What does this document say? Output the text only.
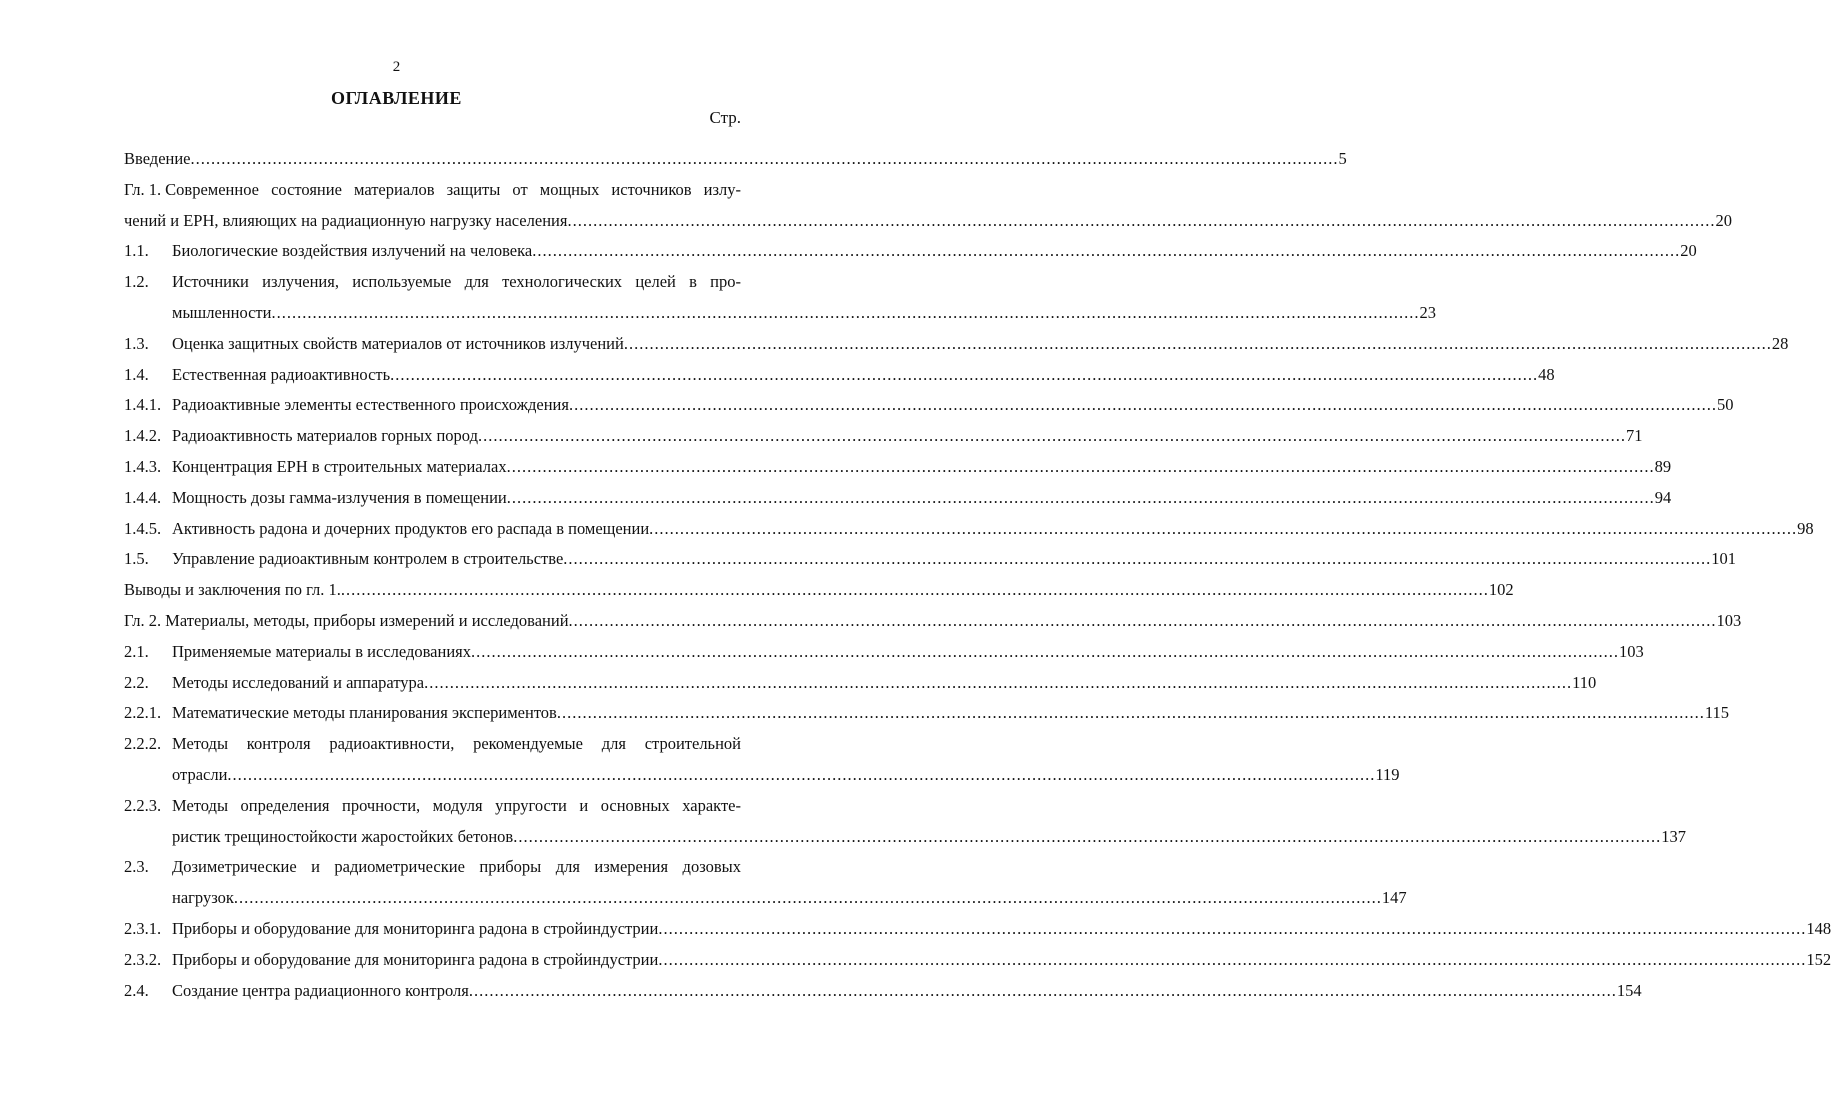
2
ОГЛАВЛЕНИЕ
Стр.
Введение .....	5
Гл. 1. Современное состояние материалов защиты от мощных источников излу-
чений и ЕРН, влияющих на радиационную нагрузку населения .....	20
1.1.	Биологические воздействия излучений на человека .....	20
1.2.	Источники излучения, используемые для технологических целей в про-
мышленности .....	23
1.3.	Оценка защитных свойств материалов от источников излучений .....	28
1.4.	Естественная радиоактивность .....	48
1.4.1. Радиоактивные элементы естественного происхождения .....	50
1.4.2. Радиоактивность материалов горных пород .....	71
1.4.3. Концентрация ЕРН в строительных материалах .....	89
1.4.4. Мощность дозы гамма-излучения в помещении .....	94
1.4.5. Активность радона и дочерних продуктов его распада в помещении .....	98
1.5.	Управление радиоактивным контролем в строительстве .....	101
Выводы и заключения по гл. 1. .....	102
Гл. 2. Материалы, методы, приборы измерений и исследований .....	103
2.1.	Применяемые материалы в исследованиях .....	103
2.2.	Методы исследований и аппаратура .....	110
2.2.1. Математические методы планирования экспериментов .....	115
2.2.2. Методы контроля радиоактивности, рекомендуемые для строительной
отрасли .....	119
2.2.3. Методы определения прочности, модуля упругости и основных характе-
ристик трещиностойкости жаростойких бетонов .....	137
2.3.	Дозиметрические и радиометрические приборы для измерения дозовых
нагрузок .....	147
2.3.1. Приборы и оборудование для мониторинга радона в стройиндустрии .....	148
2.3.2. Приборы и оборудование для мониторинга радона в стройиндустрии .....	152
2.4.	Создание центра радиационного контроля .....	154
